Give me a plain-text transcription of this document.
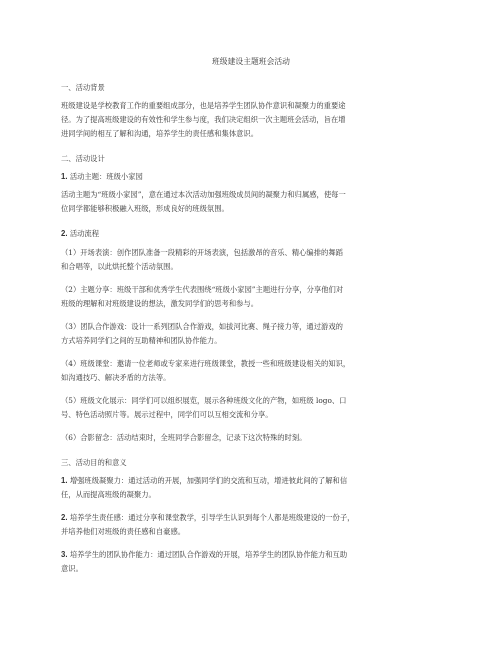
班级建设主题班会活动
一、活动背景
班级建设是学校教育工作的重要组成部分，也是培养学生团队协作意识和凝聚力的重要途
径。为了提高班级建设的有效性和学生参与度，我们决定组织一次主题班会活动，旨在增
进同学间的相互了解和沟通，培养学生的责任感和集体意识。
二、活动设计
1. 活动主题：班级小家园
活动主题为“班级小家园”，意在通过本次活动加强班级成员间的凝聚力和归属感，使每一
位同学都能够积极融入班级，形成良好的班级氛围。
2. 活动流程
（1）开场表演：创作团队准备一段精彩的开场表演，包括激昂的音乐、精心编排的舞蹈
和合唱等，以此烘托整个活动氛围。
（2）主题分享：班级干部和优秀学生代表围绕“班级小家园”主题进行分享，分享他们对
班级的理解和对班级建设的想法，激发同学们的思考和参与。
（3）团队合作游戏：设计一系列团队合作游戏，如拔河比赛、绳子接力等，通过游戏的
方式培养同学们之间的互助精神和团队协作能力。
（4）班级课堂：邀请一位老师或专家来进行班级课堂，教授一些和班级建设相关的知识，
如沟通技巧、解决矛盾的方法等。
（5）班级文化展示：同学们可以组织展览，展示各种班级文化的产物，如班级 logo、口
号、特色活动照片等。展示过程中，同学们可以互相交流和分享。
（6）合影留念：活动结束时，全班同学合影留念，记录下这次特殊的时刻。
三、活动目的和意义
1. 增强班级凝聚力：通过活动的开展，加强同学们的交流和互动，增进彼此间的了解和信
任，从而提高班级的凝聚力。
2. 培养学生责任感：通过分享和课堂教学，引导学生认识到每个人都是班级建设的一份子，
并培养他们对班级的责任感和自豪感。
3. 培养学生的团队协作能力：通过团队合作游戏的开展，培养学生的团队协作能力和互助
意识。
